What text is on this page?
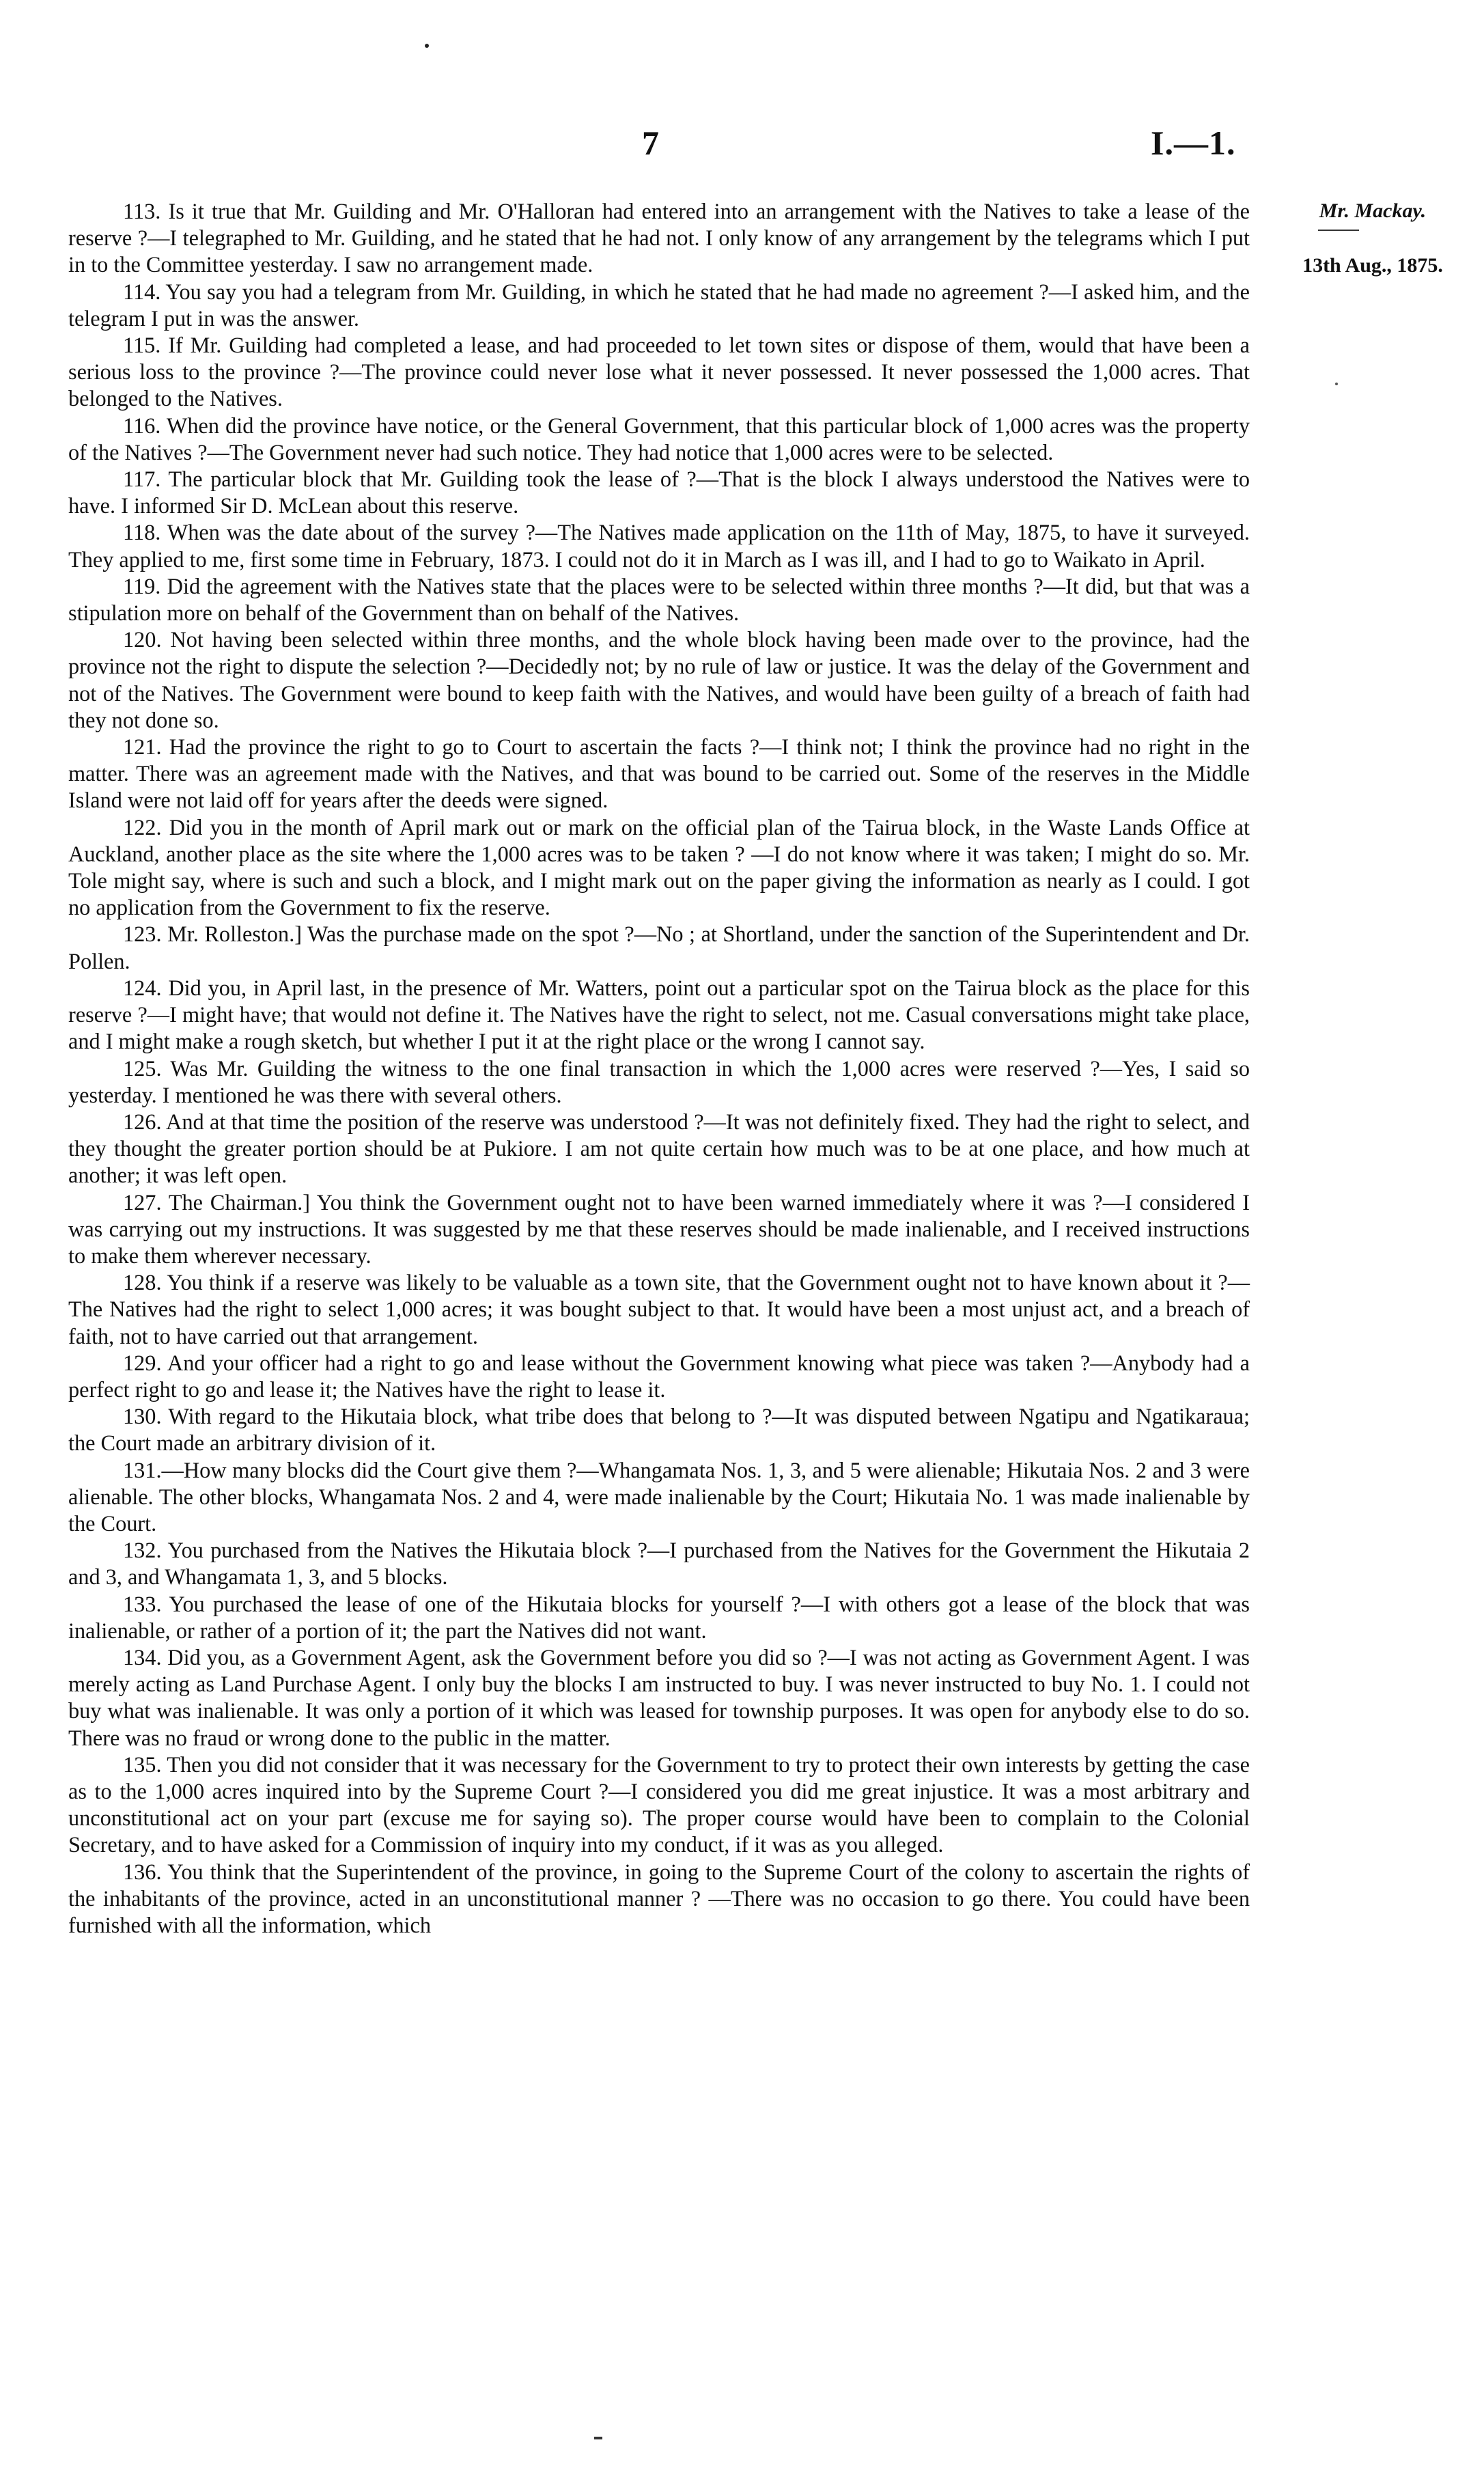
7	I.—1.
Mr. Mackay.
13th Aug., 1875.

113. Is it true that Mr. Guilding and Mr. O'Halloran had entered into an arrangement with the Natives to take a lease of the reserve ?—I telegraphed to Mr. Guilding, and he stated that he had not. I only know of any arrangement by the telegrams which I put in to the Committee yesterday. I saw no arrangement made.

114. You say you had a telegram from Mr. Guilding, in which he stated that he had made no agreement ?—I asked him, and the telegram I put in was the answer.

115. If Mr. Guilding had completed a lease, and had proceeded to let town sites or dispose of them, would that have been a serious loss to the province ?—The province could never lose what it never possessed. It never possessed the 1,000 acres. That belonged to the Natives.

116. When did the province have notice, or the General Government, that this particular block of 1,000 acres was the property of the Natives ?—The Government never had such notice. They had notice that 1,000 acres were to be selected.

117. The particular block that Mr. Guilding took the lease of ?—That is the block I always understood the Natives were to have. I informed Sir D. McLean about this reserve.

118. When was the date about of the survey ?—The Natives made application on the 11th of May, 1875, to have it surveyed. They applied to me, first some time in February, 1873. I could not do it in March as I was ill, and I had to go to Waikato in April.

119. Did the agreement with the Natives state that the places were to be selected within three months ?—It did, but that was a stipulation more on behalf of the Government than on behalf of the Natives.

120. Not having been selected within three months, and the whole block having been made over to the province, had the province not the right to dispute the selection ?—Decidedly not; by no rule of law or justice. It was the delay of the Government and not of the Natives. The Government were bound to keep faith with the Natives, and would have been guilty of a breach of faith had they not done so.

121. Had the province the right to go to Court to ascertain the facts ?—I think not; I think the province had no right in the matter. There was an agreement made with the Natives, and that was bound to be carried out. Some of the reserves in the Middle Island were not laid off for years after the deeds were signed.

122. Did you in the month of April mark out or mark on the official plan of the Tairua block, in the Waste Lands Office at Auckland, another place as the site where the 1,000 acres was to be taken ? —I do not know where it was taken; I might do so. Mr. Tole might say, where is such and such a block, and I might mark out on the paper giving the information as nearly as I could. I got no application from the Government to fix the reserve.

123. Mr. Rolleston.] Was the purchase made on the spot ?—No ; at Shortland, under the sanction of the Superintendent and Dr. Pollen.

124. Did you, in April last, in the presence of Mr. Watters, point out a particular spot on the Tairua block as the place for this reserve ?—I might have; that would not define it. The Natives have the right to select, not me. Casual conversations might take place, and I might make a rough sketch, but whether I put it at the right place or the wrong I cannot say.

125. Was Mr. Guilding the witness to the one final transaction in which the 1,000 acres were reserved ?—Yes, I said so yesterday. I mentioned he was there with several others.

126. And at that time the position of the reserve was understood ?—It was not definitely fixed. They had the right to select, and they thought the greater portion should be at Pukiore. I am not quite certain how much was to be at one place, and how much at another; it was left open.

127. The Chairman.] You think the Government ought not to have been warned immediately where it was ?—I considered I was carrying out my instructions. It was suggested by me that these reserves should be made inalienable, and I received instructions to make them wherever necessary.

128. You think if a reserve was likely to be valuable as a town site, that the Government ought not to have known about it ?—The Natives had the right to select 1,000 acres; it was bought subject to that. It would have been a most unjust act, and a breach of faith, not to have carried out that arrangement.

129. And your officer had a right to go and lease without the Government knowing what piece was taken ?—Anybody had a perfect right to go and lease it; the Natives have the right to lease it.

130. With regard to the Hikutaia block, what tribe does that belong to ?—It was disputed between Ngatipu and Ngatikaraua; the Court made an arbitrary division of it.

131.—How many blocks did the Court give them ?—Whangamata Nos. 1, 3, and 5 were alienable; Hikutaia Nos. 2 and 3 were alienable. The other blocks, Whangamata Nos. 2 and 4, were made inalienable by the Court; Hikutaia No. 1 was made inalienable by the Court.

132. You purchased from the Natives the Hikutaia block ?—I purchased from the Natives for the Government the Hikutaia 2 and 3, and Whangamata 1, 3, and 5 blocks.

133. You purchased the lease of one of the Hikutaia blocks for yourself ?—I with others got a lease of the block that was inalienable, or rather of a portion of it; the part the Natives did not want.

134. Did you, as a Government Agent, ask the Government before you did so ?—I was not acting as Government Agent. I was merely acting as Land Purchase Agent. I only buy the blocks I am instructed to buy. I was never instructed to buy No. 1. I could not buy what was inalienable. It was only a portion of it which was leased for township purposes. It was open for anybody else to do so. There was no fraud or wrong done to the public in the matter.

135. Then you did not consider that it was necessary for the Government to try to protect their own interests by getting the case as to the 1,000 acres inquired into by the Supreme Court ?—I considered you did me great injustice. It was a most arbitrary and unconstitutional act on your part (excuse me for saying so). The proper course would have been to complain to the Colonial Secretary, and to have asked for a Commission of inquiry into my conduct, if it was as you alleged.

136. You think that the Superintendent of the province, in going to the Supreme Court of the colony to ascertain the rights of the inhabitants of the province, acted in an unconstitutional manner ? —There was no occasion to go there. You could have been furnished with all the information, which
